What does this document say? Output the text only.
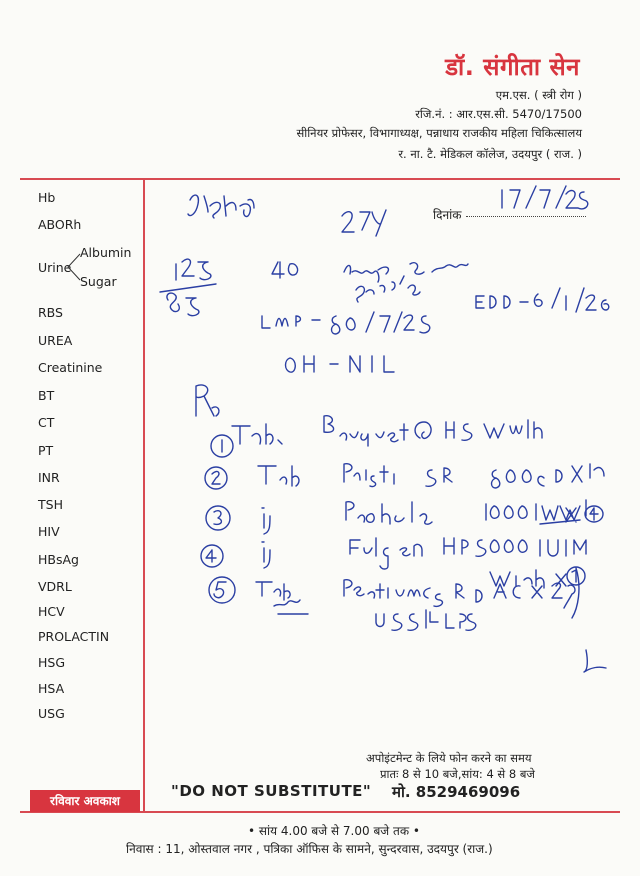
डॉ. संगीता सेन
एम.एस. ( स्त्री रोग )
रजि.नं. : आर.एस.सी. 5470/17500
सीनियर प्रोफेसर, विभागाध्यक्ष, पन्नाधाय राजकीय महिला चिकित्सालय
र. ना. टै. मेडिकल कॉलेज, उदयपुर ( राज. )
दिनांक
Hb
ABORh
Urine
Albumin
Sugar
RBS
UREA
Creatinine
BT
CT
PT
INR
TSH
HIV
HBsAg
VDRL
HCV
PROLACTIN
HSG
HSA
USG
अपोइंटमेन्ट के लिये फोन करने का समय
प्रातः 8 से 10 बजे,सांय: 4 से 8 बजे
रविवार अवकाश
"DO NOT SUBSTITUTE" मो. 8529469096
• सांय 4.00 बजे से 7.00 बजे तक •
निवास : 11, ओस्तवाल नगर , पत्रिका ऑफिस के सामने, सुन्दरवास, उदयपुर (राज.)
